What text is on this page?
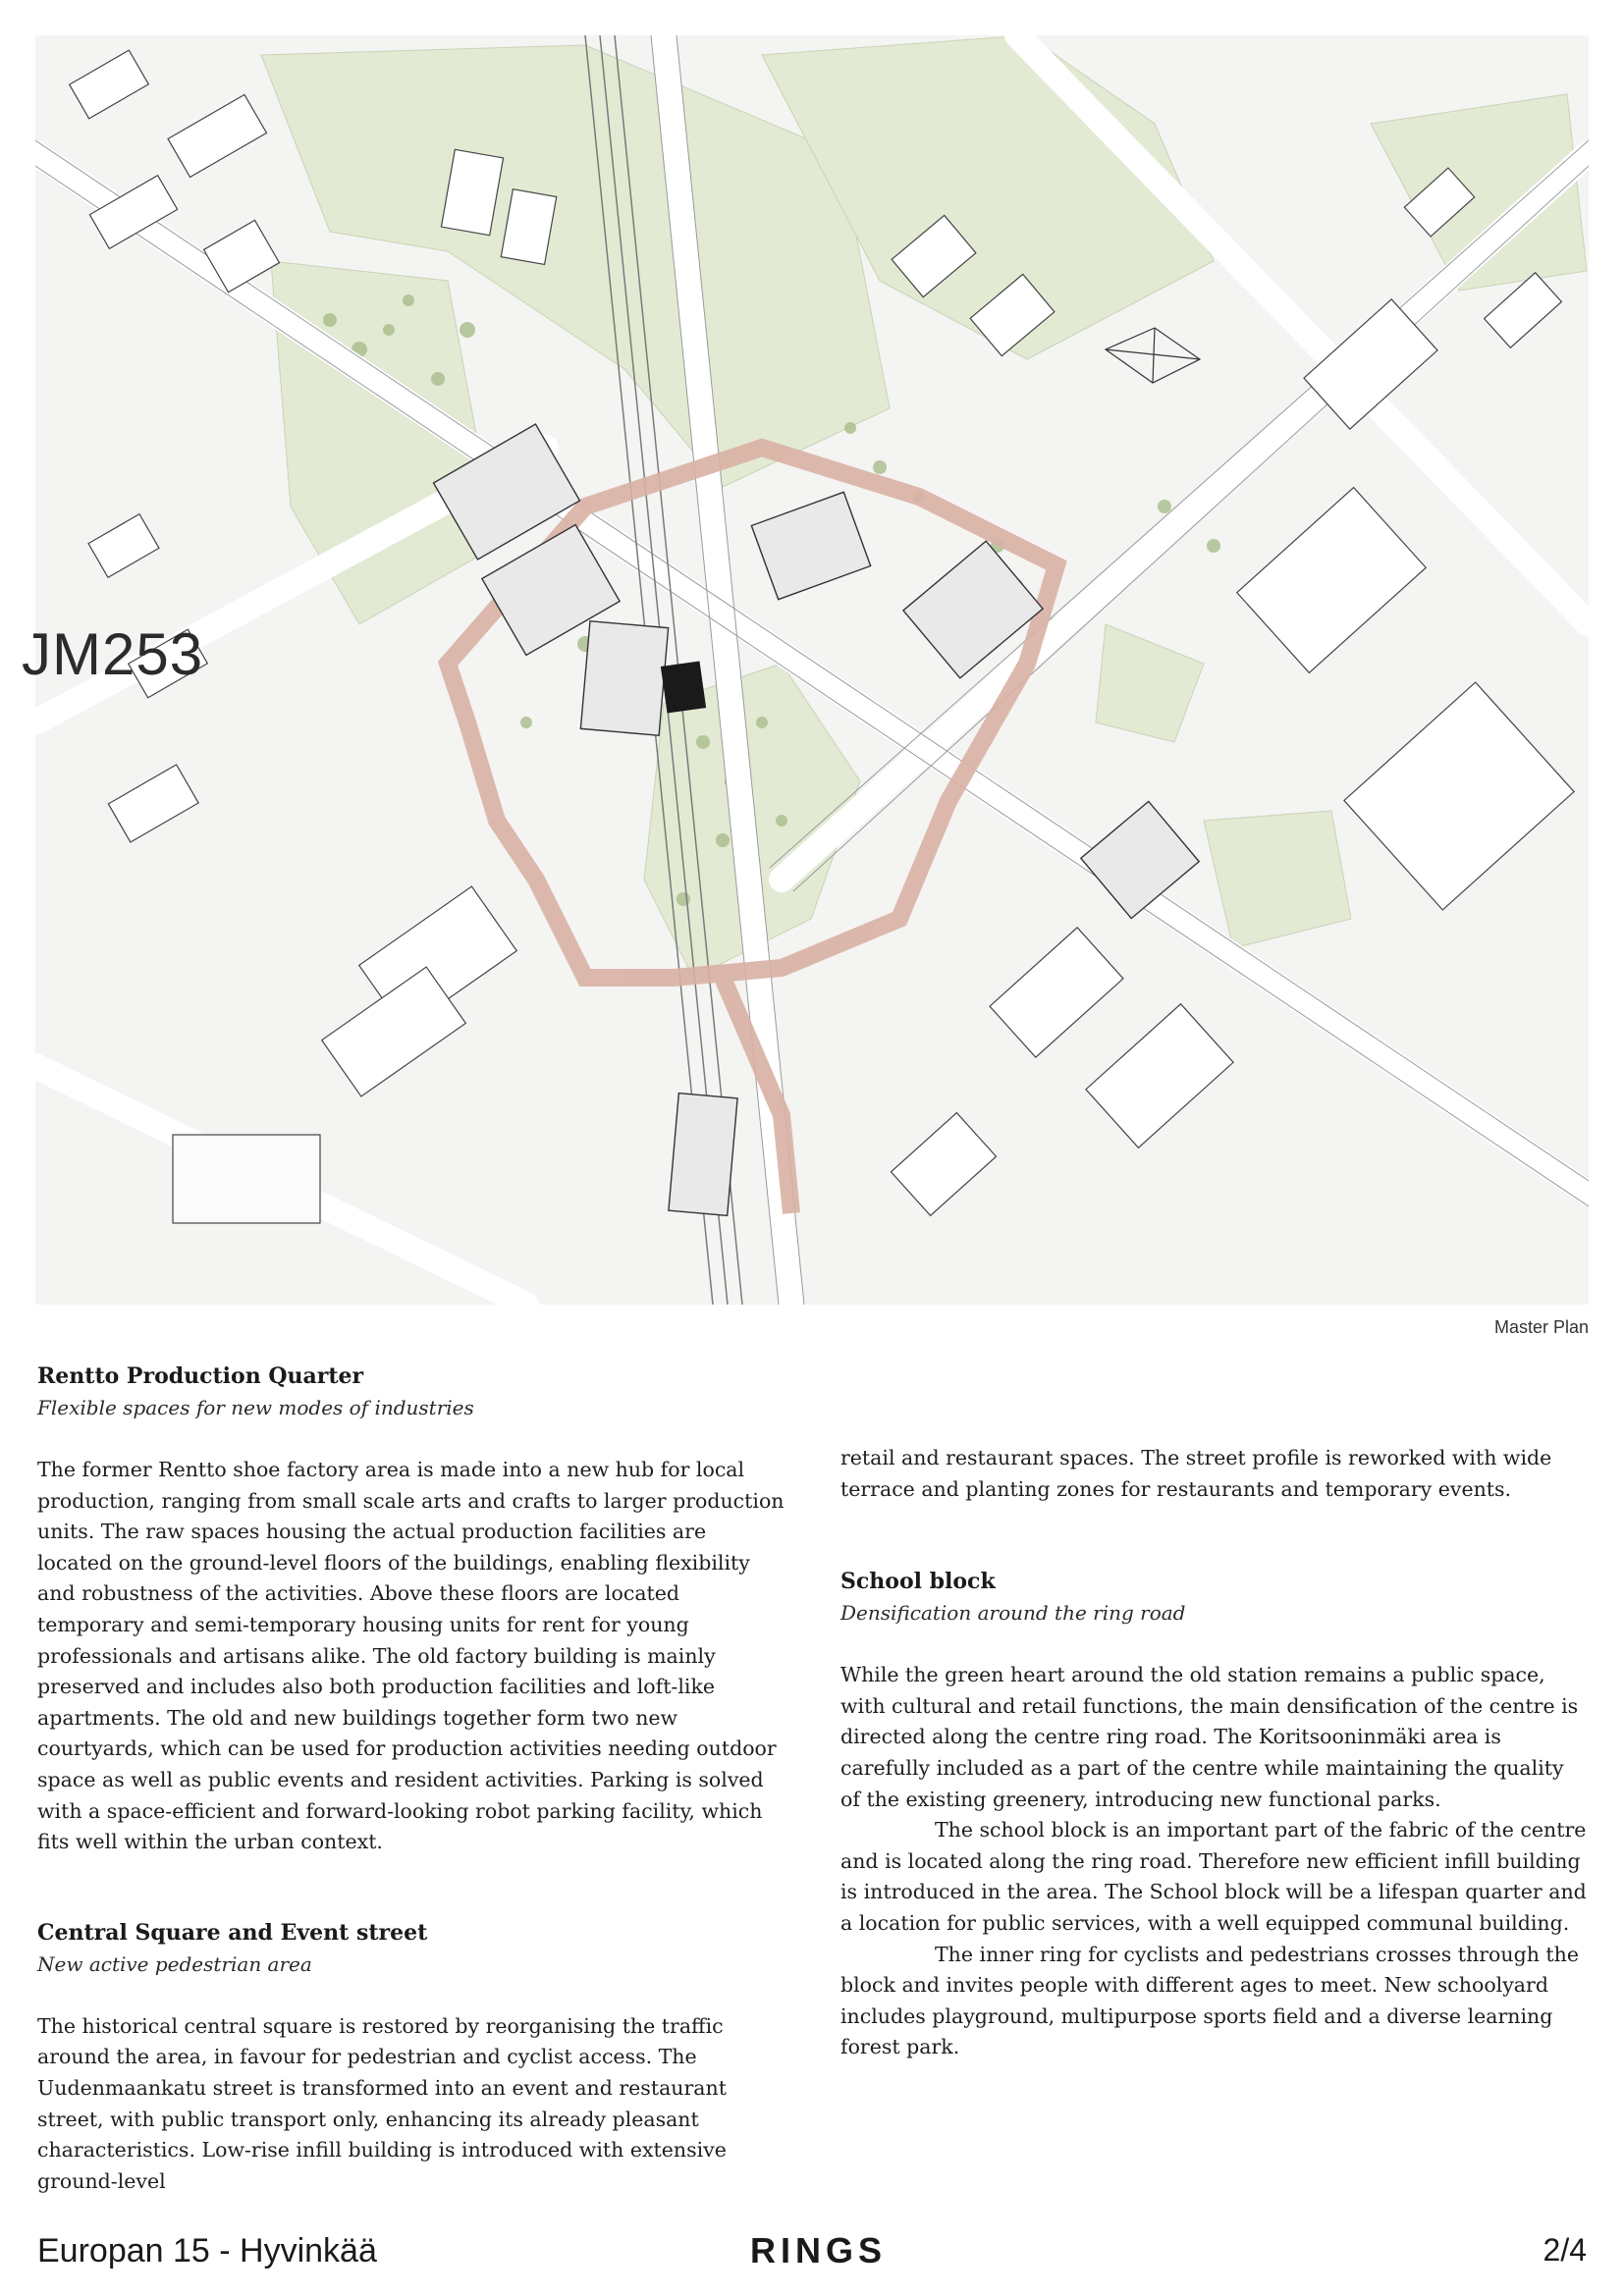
JM253
Master Plan
Rentto Production Quarter

Flexible spaces for new modes of industries

The former Rentto shoe factory area is made into a new hub for local production, ranging from small scale arts and crafts to larger production units. The raw spaces housing the actual production facilities are located on the ground-level floors of the buildings, enabling flexibility and robustness of the activities. Above these floors are located temporary and semi-temporary housing units for rent for young professionals and artisans alike. The old factory building is mainly preserved and includes also both production facilities and loft-like apartments. The old and new buildings together form two new courtyards, which can be used for production activities needing outdoor space as well as public events and resident activities. Parking is solved with a space-efficient and forward-looking robot parking facility, which fits well within the urban context.

Central Square and Event street

New active pedestrian area

The historical central square is restored by reorganising the traffic around the area, in favour for pedestrian and cyclist access. The Uudenmaankatu street is transformed into an event and restaurant street, with public transport only, enhancing its already pleasant characteristics. Low-rise infill building is introduced with extensive ground-level

retail and restaurant spaces. The street profile is reworked with wide terrace and planting zones for restaurants and temporary events.

School block

Densification around the ring road

While the green heart around the old station remains a public space, with cultural and retail functions, the main densification of the centre is directed along the centre ring road. The Koritsooninmäki area is carefully included as a part of the centre while maintaining the quality of the existing greenery, introducing new functional parks.

The school block is an important part of the fabric of the centre and is located along the ring road. Therefore new efficient infill building is introduced in the area. The School block will be a lifespan quarter and a location for public services, with a well equipped communal building.

The inner ring for cyclists and pedestrians crosses through the block and invites people with different ages to meet. New schoolyard includes playground, multipurpose sports field and a diverse learning forest park.

Europan 15 - Hyvinkää	RINGS	2/4
